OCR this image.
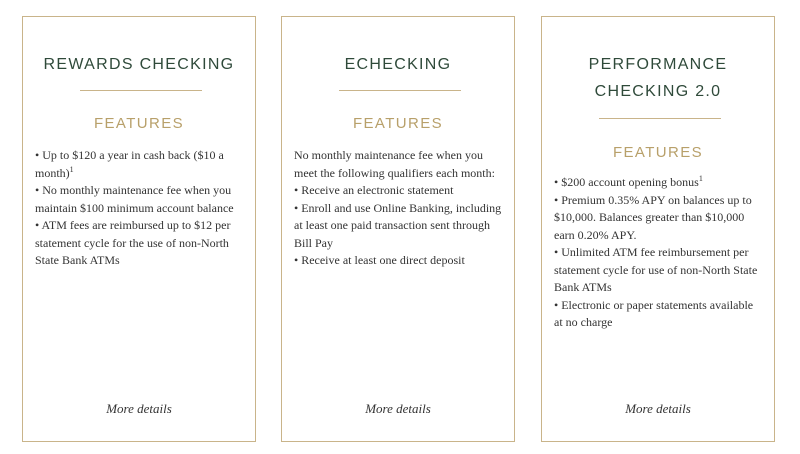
REWARDS CHECKING

FEATURES

• Up to $120 a year in cash back ($10 a month)$^1$
• No monthly maintenance fee when you maintain $100 minimum account balance
• ATM fees are reimbursed up to $12 per statement cycle for the use of non-North State Bank ATMs
More details
ECHECKING

FEATURES

No monthly maintenance fee when you meet the following qualifiers each month:

• Receive an electronic statement
• Enroll and use Online Banking, including at least one paid transaction sent through Bill Pay
• Receive at least one direct deposit
More details
PERFORMANCE
CHECKING 2.0

FEATURES

• $200 account opening bonus$^1$
• Premium 0.35% APY on balances up to $10,000. Balances greater than $10,000 earn 0.20% APY.
• Unlimited ATM fee reimbursement per statement cycle for use of non-North State Bank ATMs
• Electronic or paper statements available at no charge
More details
